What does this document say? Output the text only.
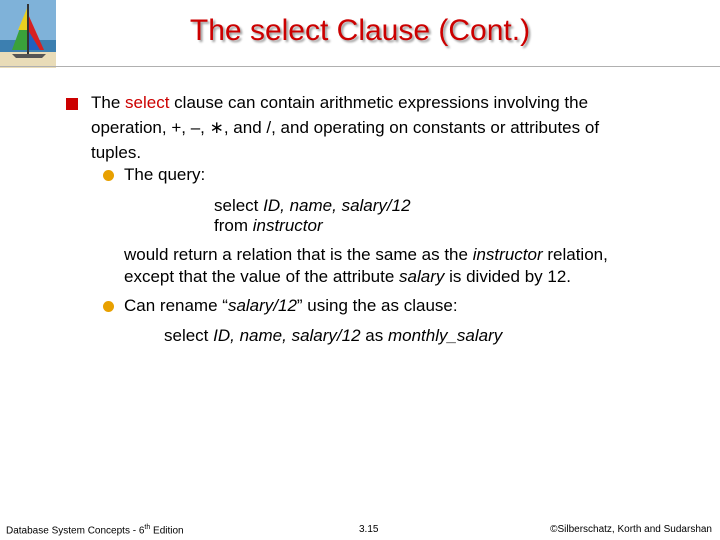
The select Clause (Cont.)
The select clause can contain arithmetic expressions involving the operation, +, –, ∗, and /, and operating on constants or attributes of tuples.
The query:
select ID, name, salary/12
from instructor
would return a relation that is the same as the instructor relation,
except that the value of the attribute salary is divided by 12.
Can rename “salary/12” using the as clause:
select ID, name, salary/12 as monthly_salary
Database System Concepts - 6th Edition	3.15	©Silberschatz, Korth and Sudarshan
